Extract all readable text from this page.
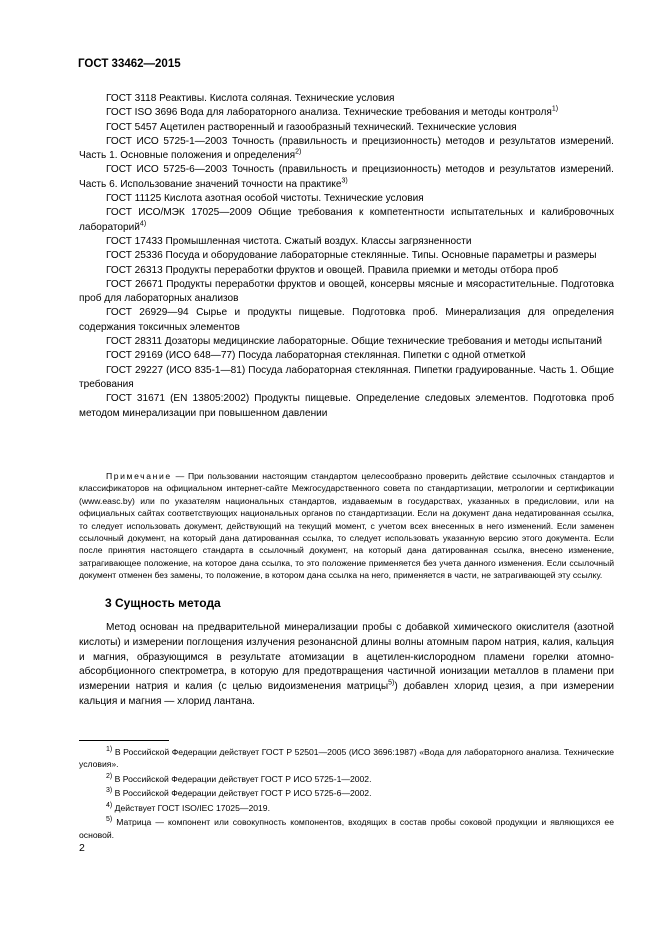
ГОСТ 33462—2015

ГОСТ 3118 Реактивы. Кислота соляная. Технические условия

ГОСТ ISO 3696 Вода для лабораторного анализа. Технические требования и методы контроля$^{1)}$

ГОСТ 5457 Ацетилен растворенный и газообразный технический. Технические условия

ГОСТ ИСО 5725-1—2003 Точность (правильность и прецизионность) методов и результатов измерений. Часть 1. Основные положения и определения$^{2)}$

ГОСТ ИСО 5725-6—2003 Точность (правильность и прецизионность) методов и результатов измерений. Часть 6. Использование значений точности на практике$^{3)}$

ГОСТ 11125 Кислота азотная особой чистоты. Технические условия

ГОСТ ИСО/МЭК 17025—2009 Общие требования к компетентности испытательных и калибровочных лабораторий$^{4)}$

ГОСТ 17433 Промышленная чистота. Сжатый воздух. Классы загрязненности

ГОСТ 25336 Посуда и оборудование лабораторные стеклянные. Типы. Основные параметры и размеры

ГОСТ 26313 Продукты переработки фруктов и овощей. Правила приемки и методы отбора проб

ГОСТ 26671 Продукты переработки фруктов и овощей, консервы мясные и мясорастительные. Подготовка проб для лабораторных анализов

ГОСТ 26929—94 Сырье и продукты пищевые. Подготовка проб. Минерализация для определения содержания токсичных элементов

ГОСТ 28311 Дозаторы медицинские лабораторные. Общие технические требования и методы испытаний

ГОСТ 29169 (ИСО 648—77) Посуда лабораторная стеклянная. Пипетки с одной отметкой

ГОСТ 29227 (ИСО 835-1—81) Посуда лабораторная стеклянная. Пипетки градуированные. Часть 1. Общие требования

ГОСТ 31671 (EN 13805:2002) Продукты пищевые. Определение следовых элементов. Подготовка проб методом минерализации при повышенном давлении

Примечание — При пользовании настоящим стандартом целесообразно проверить действие ссылочных стандартов и классификаторов на официальном интернет-сайте Межгосударственного совета по стандартизации, метрологии и сертификации (www.easc.by) или по указателям национальных стандартов, издаваемым в государствах, указанных в предисловии, или на официальных сайтах соответствующих национальных органов по стандартизации. Если на документ дана недатированная ссылка, то следует использовать документ, действующий на текущий момент, с учетом всех внесенных в него изменений. Если заменен ссылочный документ, на который дана датированная ссылка, то следует использовать указанную версию этого документа. Если после принятия настоящего стандарта в ссылочный документ, на который дана датированная ссылка, внесено изменение, затрагивающее положение, на которое дана ссылка, то это положение применяется без учета данного изменения. Если ссылочный документ отменен без замены, то положение, в котором дана ссылка на него, применяется в части, не затрагивающей эту ссылку.

3 Сущность метода

Метод основан на предварительной минерализации пробы с добавкой химического окислителя (азотной кислоты) и измерении поглощения излучения резонансной длины волны атомным паром натрия, калия, кальция и магния, образующимся в результате атомизации в ацетилен-кислородном пламени горелки атомно-абсорбционного спектрометра, в которую для предотвращения частичной ионизации металлов в пламени при измерении натрия и калия (с целью видоизменения матрицы$^{5)}$) добавлен хлорид цезия, а при измерении кальция и магния — хлорид лантана.

$^{1)}$ В Российской Федерации действует ГОСТ Р 52501—2005 (ИСО 3696:1987) «Вода для лабораторного анализа. Технические условия».

$^{2)}$ В Российской Федерации действует ГОСТ Р ИСО 5725-1—2002.

$^{3)}$ В Российской Федерации действует ГОСТ Р ИСО 5725-6—2002.

$^{4)}$ Действует ГОСТ ISO/IEC 17025—2019.

$^{5)}$ Матрица — компонент или совокупность компонентов, входящих в состав пробы соковой продукции и являющихся ее основой.

2
